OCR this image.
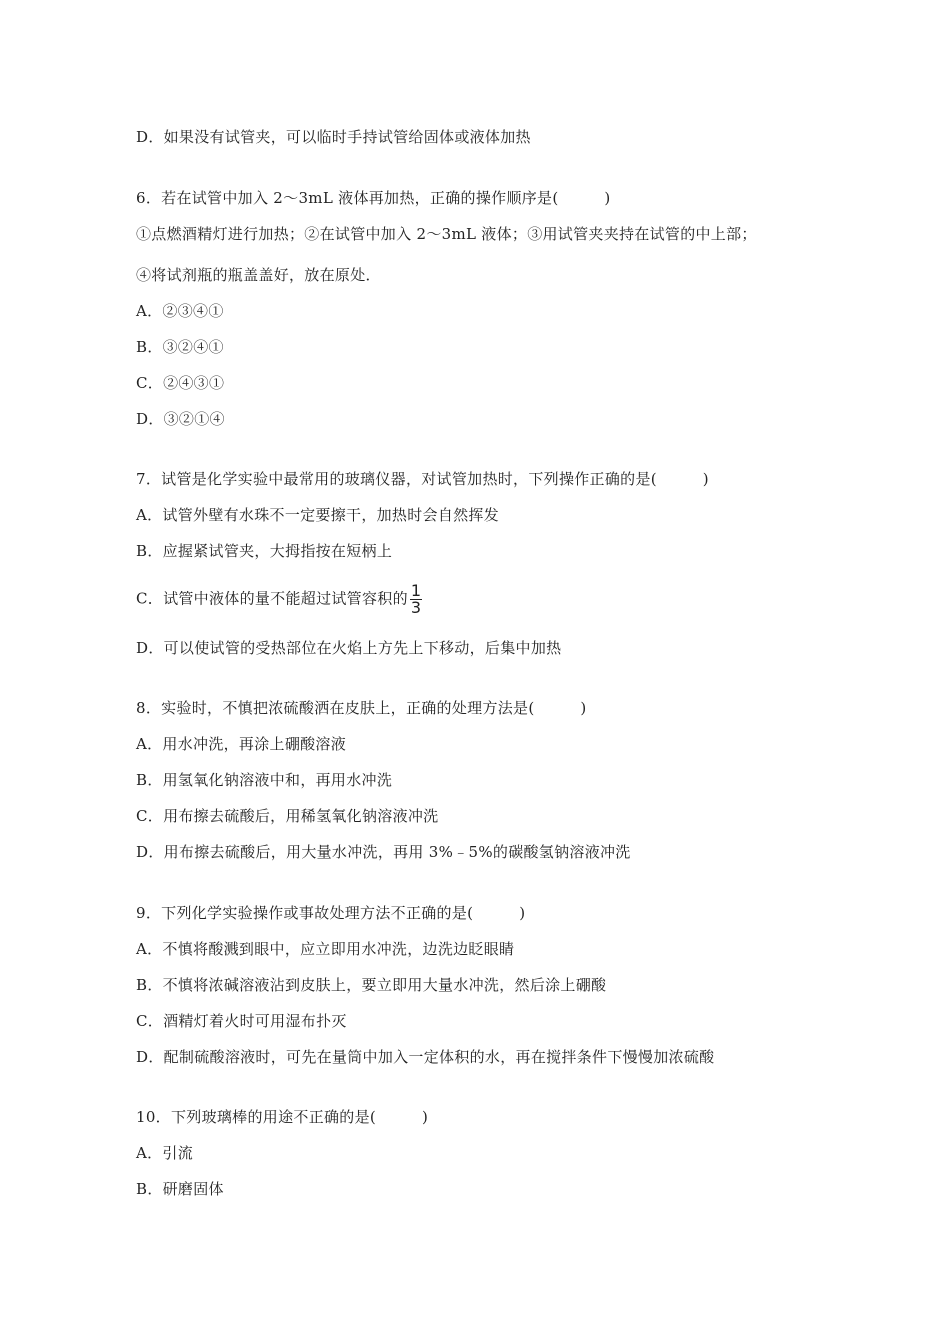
D．如果没有试管夹，可以临时手持试管给固体或液体加热
6．若在试管中加入 2～3mL 液体再加热，正确的操作顺序是(　　　)
①点燃酒精灯进行加热；②在试管中加入 2～3mL 液体；③用试管夹夹持在试管的中上部；
④将试剂瓶的瓶盖盖好，放在原处．
A．②③④①
B．③②④①
C．②④③①
D．③②①④
7．试管是化学实验中最常用的玻璃仪器，对试管加热时，下列操作正确的是(　　　)
A．试管外壁有水珠不一定要擦干，加热时会自然挥发
B．应握紧试管夹，大拇指按在短柄上
C．试管中液体的量不能超过试管容积的 $\frac{1}{3}$
D．可以使试管的受热部位在火焰上方先上下移动，后集中加热
8．实验时，不慎把浓硫酸洒在皮肤上，正确的处理方法是(　　　)
A．用水冲洗，再涂上硼酸溶液
B．用氢氧化钠溶液中和，再用水冲洗
C．用布擦去硫酸后，用稀氢氧化钠溶液冲洗
D．用布擦去硫酸后，用大量水冲洗，再用 3%﹣5%的碳酸氢钠溶液冲洗
9．下列化学实验操作或事故处理方法不正确的是(　　　)
A．不慎将酸溅到眼中，应立即用水冲洗，边洗边眨眼睛
B．不慎将浓碱溶液沾到皮肤上，要立即用大量水冲洗，然后涂上硼酸
C．酒精灯着火时可用湿布扑灭
D．配制硫酸溶液时，可先在量筒中加入一定体积的水，再在搅拌条件下慢慢加浓硫酸
10．下列玻璃棒的用途不正确的是(　　　)
A．引流
B．研磨固体
